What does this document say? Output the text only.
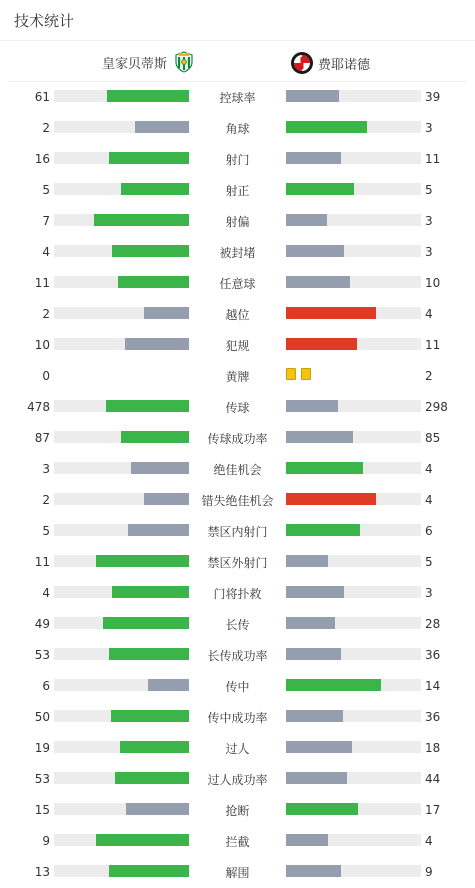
技术统计
皇家贝蒂斯	费耶诺德
61	控球率	39
2	角球	3
16	射门	11
5	射正	5
7	射偏	3
4	被封堵	3
11	任意球	10
2	越位	4
10	犯规	11
0	黄牌	2
478	传球	298
87	传球成功率	85
3	绝佳机会	4
2	错失绝佳机会	4
5	禁区内射门	6
11	禁区外射门	5
4	门将扑救	3
49	长传	28
53	长传成功率	36
6	传中	14
50	传中成功率	36
19	过人	18
53	过人成功率	44
15	抢断	17
9	拦截	4
13	解围	9
